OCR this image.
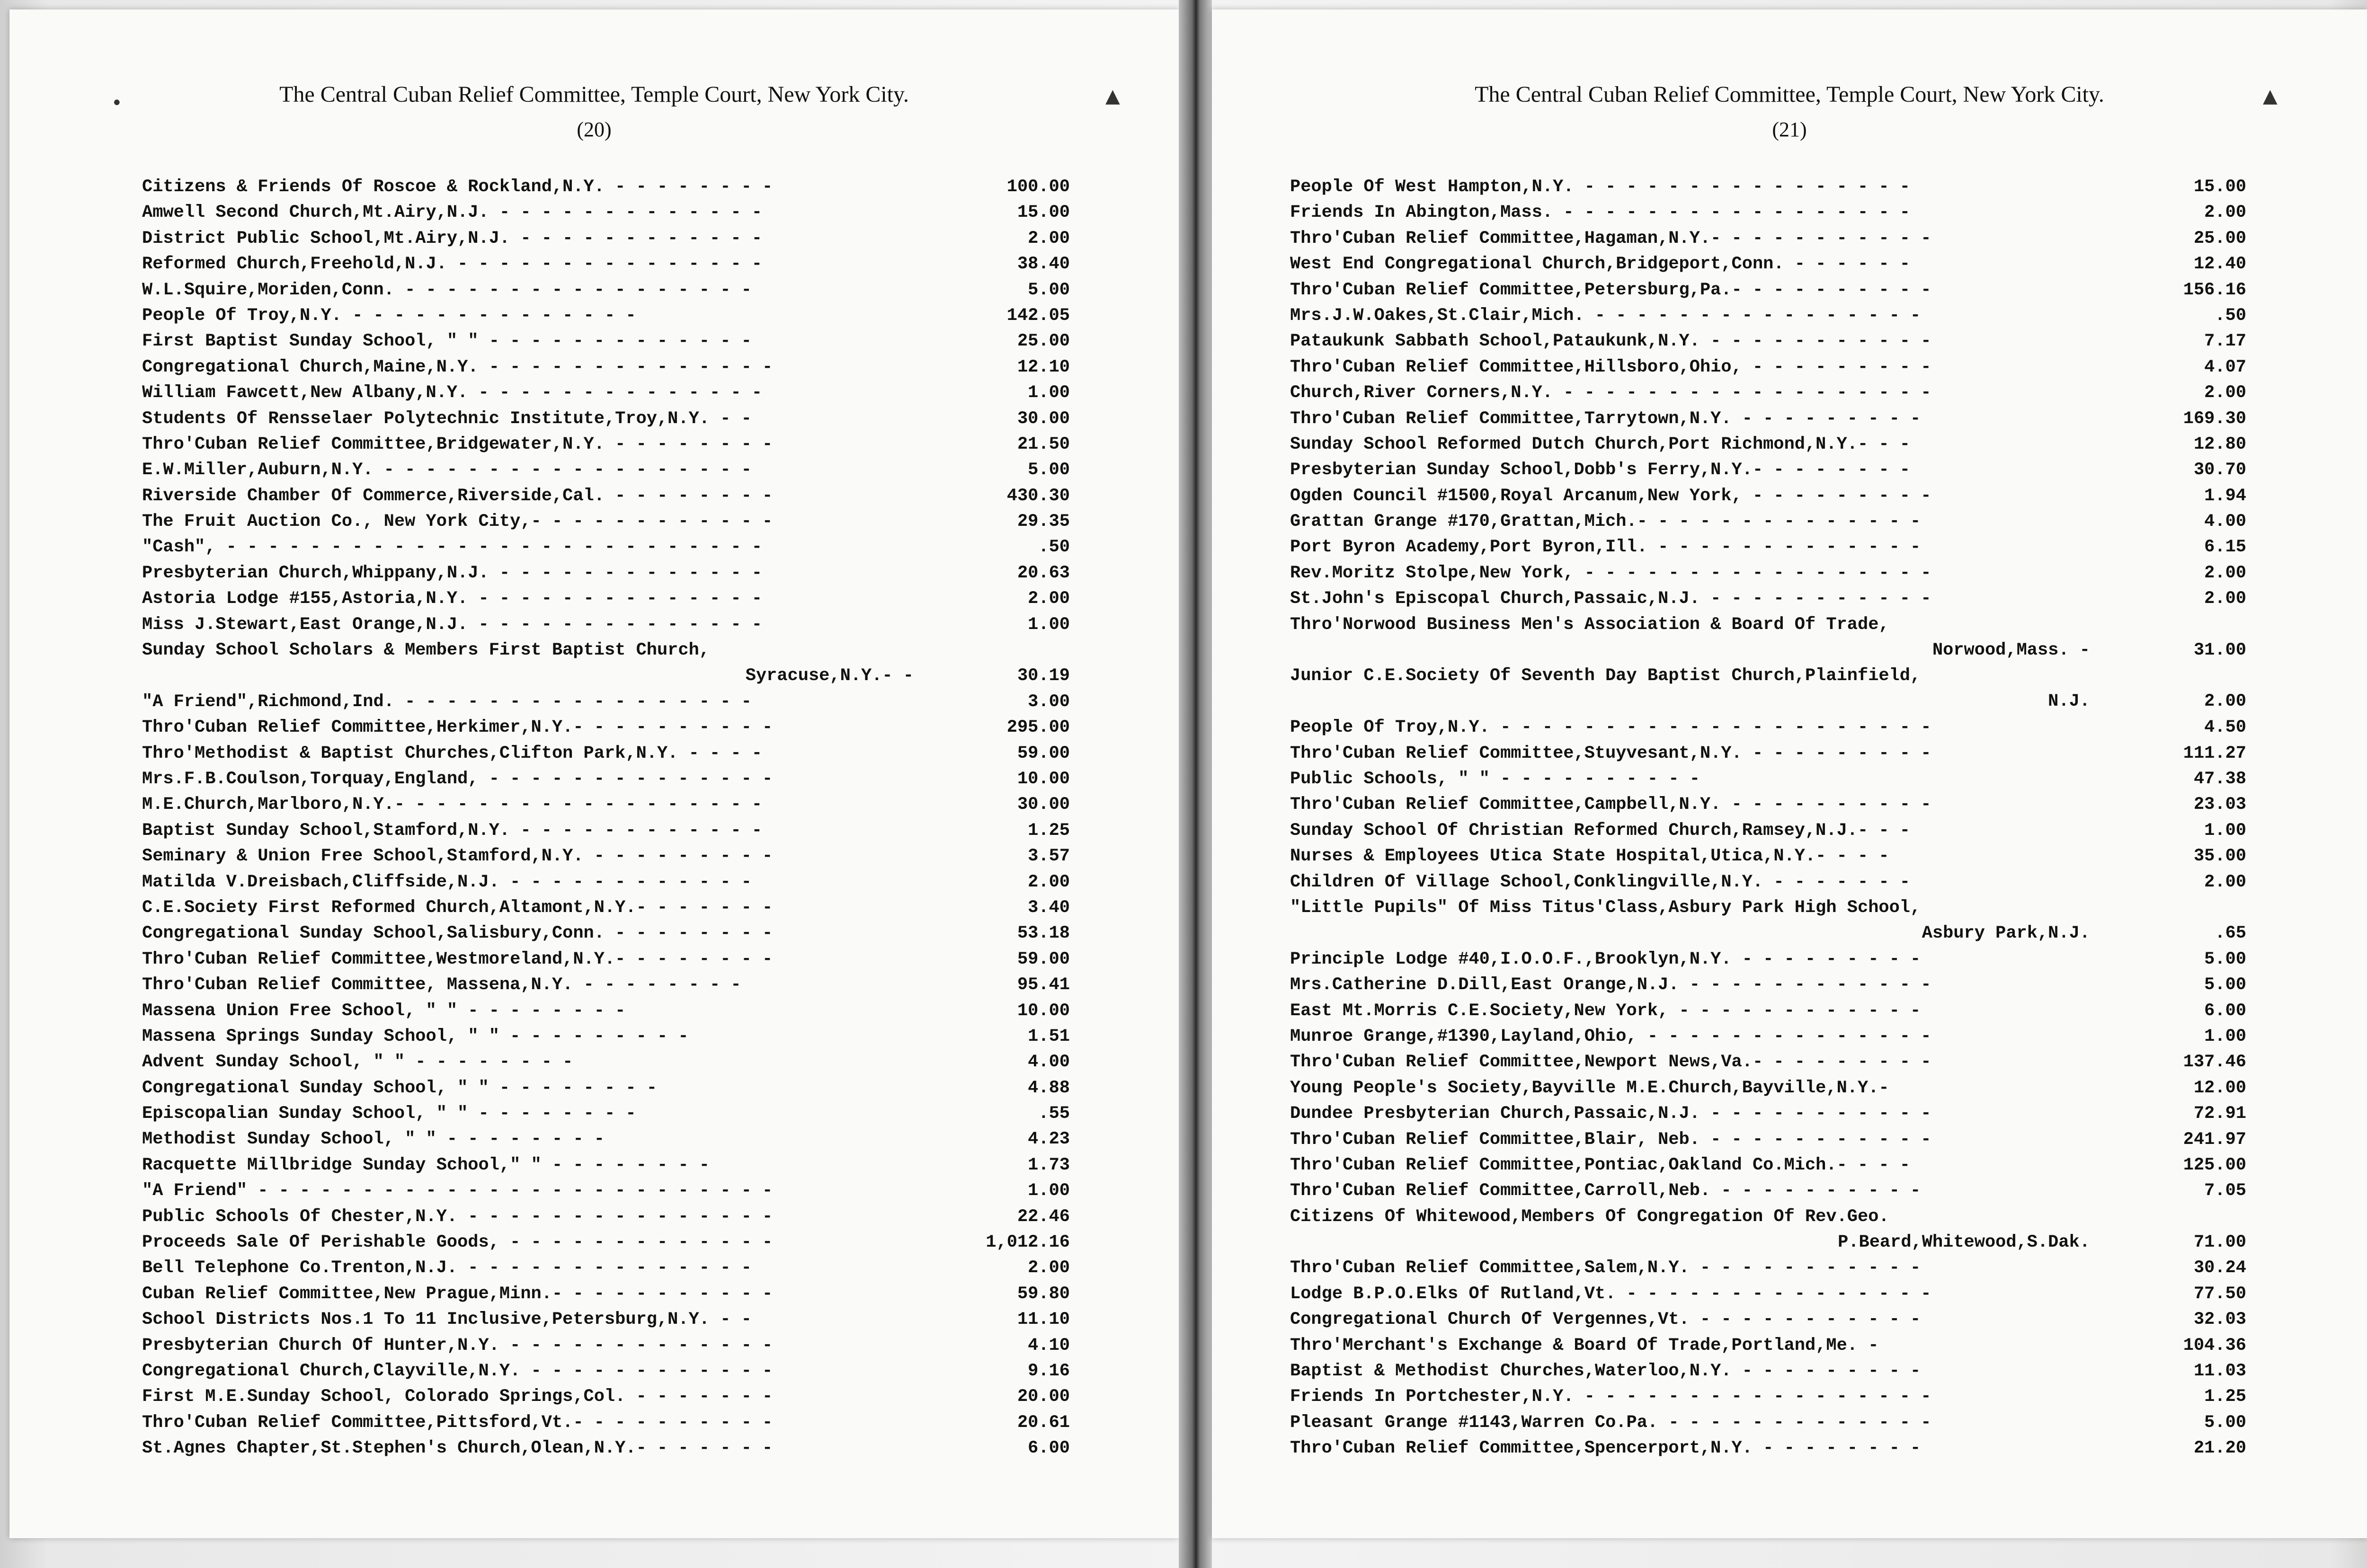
•	▲
The Central Cuban Relief Committee, Temple Court, New York City.
(20)
Citizens & Friends Of Roscoe & Rockland,N.Y. - - - - - - - -	100.00
Amwell Second Church,Mt.Airy,N.J. - - - - - - - - - - - - -	15.00
District Public School,Mt.Airy,N.J. - - - - - - - - - - - -	2.00
Reformed Church,Freehold,N.J. - - - - - - - - - - - - - - -	38.40
W.L.Squire,Moriden,Conn. - - - - - - - - - - - - - - - - -	5.00
People Of Troy,N.Y. - - - - - - - - - - - - - -	142.05
First Baptist Sunday School, " " - - - - - - - - - - - - -	25.00
Congregational Church,Maine,N.Y. - - - - - - - - - - - - - -	12.10
William Fawcett,New Albany,N.Y. - - - - - - - - - - - - - -	1.00
Students Of Rensselaer Polytechnic Institute,Troy,N.Y. - -	30.00
Thro'Cuban Relief Committee,Bridgewater,N.Y. - - - - - - - -	21.50
E.W.Miller,Auburn,N.Y. - - - - - - - - - - - - - - - - - -	5.00
Riverside Chamber Of Commerce,Riverside,Cal. - - - - - - - -	430.30
The Fruit Auction Co., New York City,- - - - - - - - - - - -	29.35
"Cash", - - - - - - - - - - - - - - - - - - - - - - - - - -	.50
Presbyterian Church,Whippany,N.J. - - - - - - - - - - - - -	20.63
Astoria Lodge #155,Astoria,N.Y. - - - - - - - - - - - - - -	2.00
Miss J.Stewart,East Orange,N.J. - - - - - - - - - - - - - -	1.00
Sunday School Scholars & Members First Baptist Church,
Syracuse,N.Y.- -	30.19
"A Friend",Richmond,Ind. - - - - - - - - - - - - - - - - -	3.00
Thro'Cuban Relief Committee,Herkimer,N.Y.- - - - - - - - - -	295.00
Thro'Methodist & Baptist Churches,Clifton Park,N.Y. - - - -	59.00
Mrs.F.B.Coulson,Torquay,England, - - - - - - - - - - - - - -	10.00
M.E.Church,Marlboro,N.Y.- - - - - - - - - - - - - - - - - -	30.00
Baptist Sunday School,Stamford,N.Y. - - - - - - - - - - - -	1.25
Seminary & Union Free School,Stamford,N.Y. - - - - - - - - -	3.57
Matilda V.Dreisbach,Cliffside,N.J. - - - - - - - - - - - -	2.00
C.E.Society First Reformed Church,Altamont,N.Y.- - - - - - -	3.40
Congregational Sunday School,Salisbury,Conn. - - - - - - - -	53.18
Thro'Cuban Relief Committee,Westmoreland,N.Y.- - - - - - - -	59.00
Thro'Cuban Relief Committee, Massena,N.Y. - - - - - - - -	95.41
Massena Union Free School, " " - - - - - - - -	10.00
Massena Springs Sunday School, " " - - - - - - - - -	1.51
Advent Sunday School, " " - - - - - - - -	4.00
Congregational Sunday School, " " - - - - - - - -	4.88
Episcopalian Sunday School, " " - - - - - - - -	.55
Methodist Sunday School, " " - - - - - - - -	4.23
Racquette Millbridge Sunday School," " - - - - - - - -	1.73
"A Friend" - - - - - - - - - - - - - - - - - - - - - - - - -	1.00
Public Schools Of Chester,N.Y. - - - - - - - - - - - - - - -	22.46
Proceeds Sale Of Perishable Goods, - - - - - - - - - - - - -	1,012.16
Bell Telephone Co.Trenton,N.J. - - - - - - - - - - - - - -	2.00
Cuban Relief Committee,New Prague,Minn.- - - - - - - - - - -	59.80
School Districts Nos.1 To 11 Inclusive,Petersburg,N.Y. - -	11.10
Presbyterian Church Of Hunter,N.Y. - - - - - - - - - - - - -	4.10
Congregational Church,Clayville,N.Y. - - - - - - - - - - - -	9.16
First M.E.Sunday School, Colorado Springs,Col. - - - - - - -	20.00
Thro'Cuban Relief Committee,Pittsford,Vt.- - - - - - - - - -	20.61
St.Agnes Chapter,St.Stephen's Church,Olean,N.Y.- - - - - - -	6.00
▲
The Central Cuban Relief Committee, Temple Court, New York City.
(21)
People Of West Hampton,N.Y. - - - - - - - - - - - - - - - -	15.00
Friends In Abington,Mass. - - - - - - - - - - - - - - - - -	2.00
Thro'Cuban Relief Committee,Hagaman,N.Y.- - - - - - - - - - -	25.00
West End Congregational Church,Bridgeport,Conn. - - - - - -	12.40
Thro'Cuban Relief Committee,Petersburg,Pa.- - - - - - - - - -	156.16
Mrs.J.W.Oakes,St.Clair,Mich. - - - - - - - - - - - - - - - -	.50
Pataukunk Sabbath School,Pataukunk,N.Y. - - - - - - - - - - -	7.17
Thro'Cuban Relief Committee,Hillsboro,Ohio, - - - - - - - - -	4.07
Church,River Corners,N.Y. - - - - - - - - - - - - - - - - - -	2.00
Thro'Cuban Relief Committee,Tarrytown,N.Y. - - - - - - - - -	169.30
Sunday School Reformed Dutch Church,Port Richmond,N.Y.- - -	12.80
Presbyterian Sunday School,Dobb's Ferry,N.Y.- - - - - - - -	30.70
Ogden Council #1500,Royal Arcanum,New York, - - - - - - - - -	1.94
Grattan Grange #170,Grattan,Mich.- - - - - - - - - - - - - -	4.00
Port Byron Academy,Port Byron,Ill. - - - - - - - - - - - - -	6.15
Rev.Moritz Stolpe,New York, - - - - - - - - - - - - - - - - -	2.00
St.John's Episcopal Church,Passaic,N.J. - - - - - - - - - - -	2.00
Thro'Norwood Business Men's Association & Board Of Trade,
Norwood,Mass. -	31.00
Junior C.E.Society Of Seventh Day Baptist Church,Plainfield,
N.J.	2.00
People Of Troy,N.Y. - - - - - - - - - - - - - - - - - - - - -	4.50
Thro'Cuban Relief Committee,Stuyvesant,N.Y. - - - - - - - - -	111.27
Public Schools, " " - - - - - - - - - -	47.38
Thro'Cuban Relief Committee,Campbell,N.Y. - - - - - - - - - -	23.03
Sunday School Of Christian Reformed Church,Ramsey,N.J.- - -	1.00
Nurses & Employees Utica State Hospital,Utica,N.Y.- - - -	35.00
Children Of Village School,Conklingville,N.Y. - - - - - - -	2.00
"Little Pupils" Of Miss Titus'Class,Asbury Park High School,
Asbury Park,N.J.	.65
Principle Lodge #40,I.O.O.F.,Brooklyn,N.Y. - - - - - - - - -	5.00
Mrs.Catherine D.Dill,East Orange,N.J. - - - - - - - - - - - -	5.00
East Mt.Morris C.E.Society,New York, - - - - - - - - - - - -	6.00
Munroe Grange,#1390,Layland,Ohio, - - - - - - - - - - - - - -	1.00
Thro'Cuban Relief Committee,Newport News,Va.- - - - - - - - -	137.46
Young People's Society,Bayville M.E.Church,Bayville,N.Y.-	12.00
Dundee Presbyterian Church,Passaic,N.J. - - - - - - - - - - -	72.91
Thro'Cuban Relief Committee,Blair, Neb. - - - - - - - - - - -	241.97
Thro'Cuban Relief Committee,Pontiac,Oakland Co.Mich.- - - -	125.00
Thro'Cuban Relief Committee,Carroll,Neb. - - - - - - - - - -	7.05
Citizens Of Whitewood,Members Of Congregation Of Rev.Geo.
P.Beard,Whitewood,S.Dak.	71.00
Thro'Cuban Relief Committee,Salem,N.Y. - - - - - - - - - - -	30.24
Lodge B.P.O.Elks Of Rutland,Vt. - - - - - - - - - - - - - - -	77.50
Congregational Church Of Vergennes,Vt. - - - - - - - - - - -	32.03
Thro'Merchant's Exchange & Board Of Trade,Portland,Me. -	104.36
Baptist & Methodist Churches,Waterloo,N.Y. - - - - - - - - -	11.03
Friends In Portchester,N.Y. - - - - - - - - - - - - - - - - -	1.25
Pleasant Grange #1143,Warren Co.Pa. - - - - - - - - - - - - -	5.00
Thro'Cuban Relief Committee,Spencerport,N.Y. - - - - - - - -	21.20
